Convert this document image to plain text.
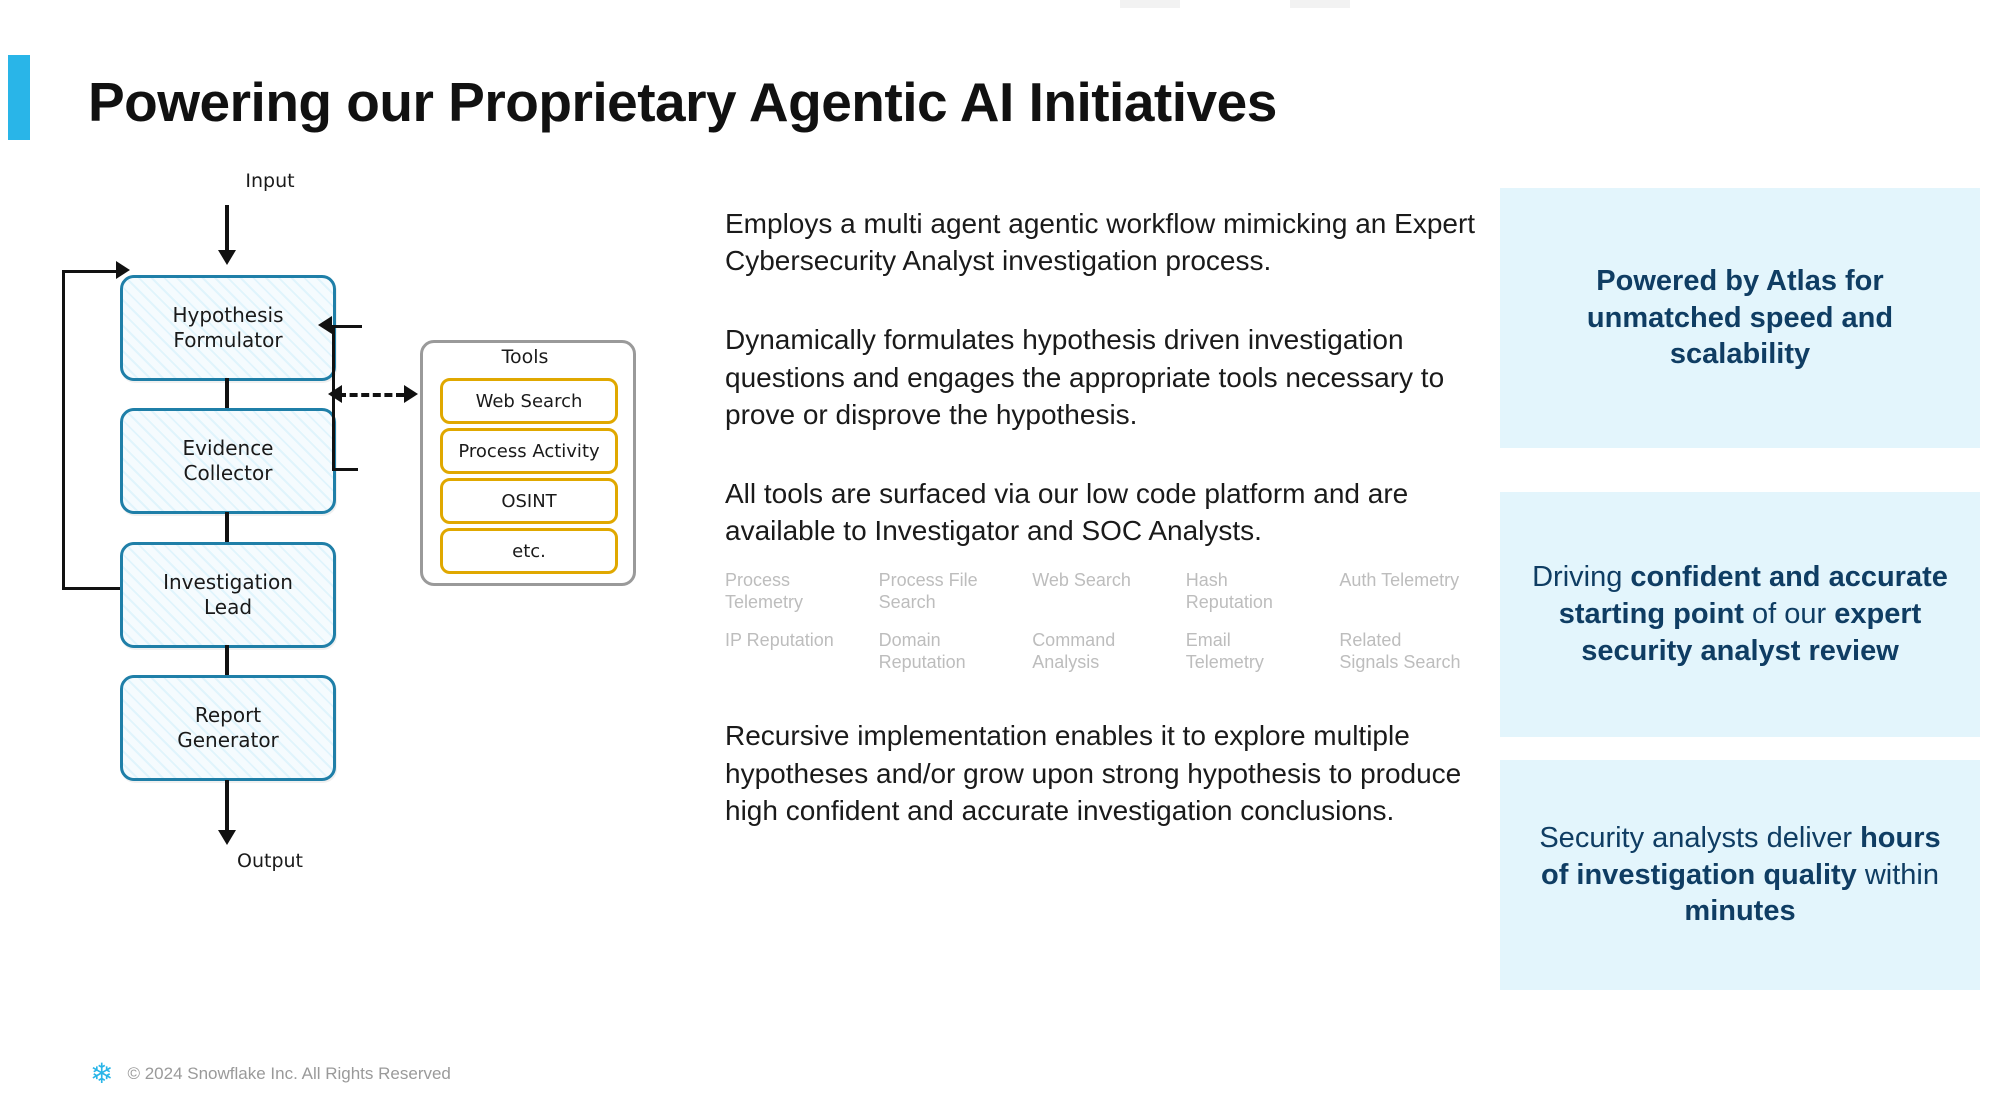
Powering our Proprietary Agentic AI Initiatives
Input
Hypothesis
Formulator
Evidence
Collector
Investigation
Lead
Report
Generator
Output
Tools
Web Search
Process Activity
OSINT
etc.
Employs a multi agent agentic workflow mimicking an Expert Cybersecurity Analyst investigation process.
Dynamically formulates hypothesis driven investigation questions and engages the appropriate tools necessary to prove or disprove the hypothesis.
All tools are surfaced via our low code platform and are available to Investigator and SOC Analysts.
Process Telemetry
Process File Search
Web Search	Hash Reputation
Auth Telemetry
IP Reputation	Domain Reputation
Command Analysis
Email Telemetry
Related Signals Search
Recursive implementation enables it to explore multiple hypotheses and/or grow upon strong hypothesis to produce high confident and accurate investigation conclusions.
Powered by Atlas for unmatched speed and scalability
Driving confident and accurate starting point of our expert security analyst review
Security analysts deliver hours of investigation quality within minutes
❄ © 2024 Snowflake Inc. All Rights Reserved
